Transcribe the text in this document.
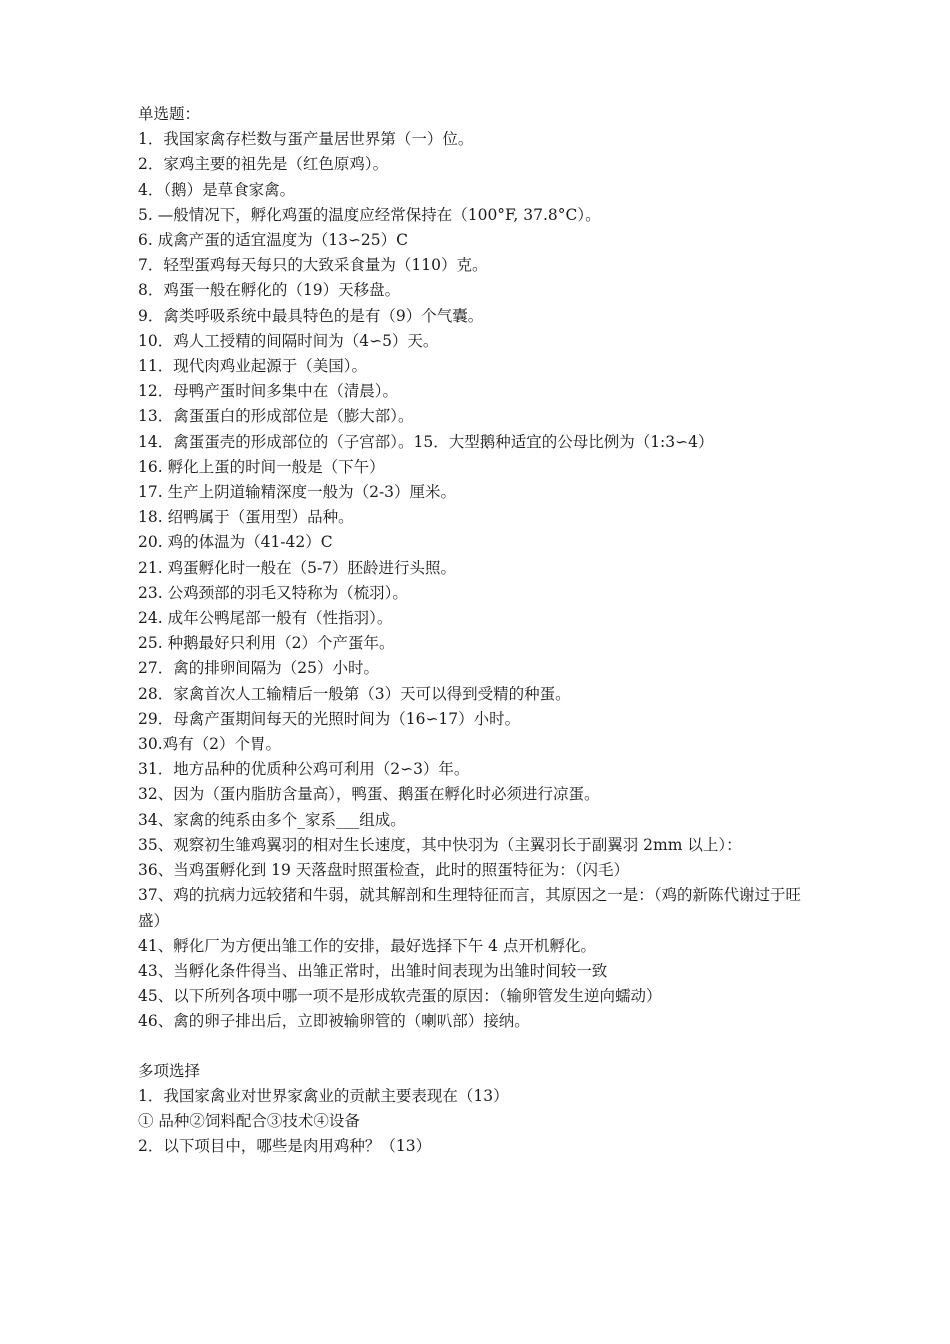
单选题：
1．我国家禽存栏数与蛋产量居世界第（一）位。
2．家鸡主要的祖先是（红色原鸡）。
4．（鹅）是草食家禽。
5. —般情况下，孵化鸡蛋的温度应经常保持在（100°F, 37.8°C）。
6. 成禽产蛋的适宜温度为（13∽25）C
7．轻型蛋鸡每天每只的大致采食量为（110）克。
8．鸡蛋一般在孵化的（19）天移盘。
9．禽类呼吸系统中最具特色的是有（9）个气囊。
10．鸡人工授精的间隔时间为（4∽5）天。
11．现代肉鸡业起源于（美国）。
12．母鸭产蛋时间多集中在（清晨）。
13．禽蛋蛋白的形成部位是（膨大部）。
14．禽蛋蛋壳的形成部位的（子宫部）。15．大型鹅种适宜的公母比例为（1:3∽4）
16. 孵化上蛋的时间一般是（下午）
17. 生产上阴道输精深度一般为（2-3）厘米。
18. 绍鸭属于（蛋用型）品种。
20. 鸡的体温为（41-42）C
21. 鸡蛋孵化时一般在（5-7）胚龄进行头照。
23. 公鸡颈部的羽毛又特称为（梳羽）。
24. 成年公鸭尾部一般有（性指羽）。
25. 种鹅最好只利用（2）个产蛋年。
27．禽的排卵间隔为（25）小时。
28．家禽首次人工输精后一般第（3）天可以得到受精的种蛋。
29．母禽产蛋期间每天的光照时间为（16∽17）小时。
30.鸡有（2）个胃。
31．地方品种的优质种公鸡可利用（2∽3）年。
32、因为（蛋内脂肪含量高），鸭蛋、鹅蛋在孵化时必须进行凉蛋。
34、家禽的纯系由多个_家系___组成。
35、观察初生雏鸡翼羽的相对生长速度，其中快羽为（主翼羽长于副翼羽 2mm 以上）：
36、当鸡蛋孵化到 19 天落盘时照蛋检查，此时的照蛋特征为：（闪毛）
37、鸡的抗病力远较猪和牛弱，就其解剖和生理特征而言，其原因之一是：（鸡的新陈代谢过于旺盛）
41、孵化厂为方便出雏工作的安排，最好选择下午 4 点开机孵化。
43、当孵化条件得当、出雏正常时，出雏时间表现为出雏时间较一致
45、以下所列各项中哪一项不是形成软壳蛋的原因：（输卵管发生逆向蠕动）
46、禽的卵子排出后，立即被输卵管的（喇叭部）接纳。
多项选择
1．我国家禽业对世界家禽业的贡献主要表现在（13）
① 品种②饲料配合③技术④设备
2．以下项目中，哪些是肉用鸡种？（13）
